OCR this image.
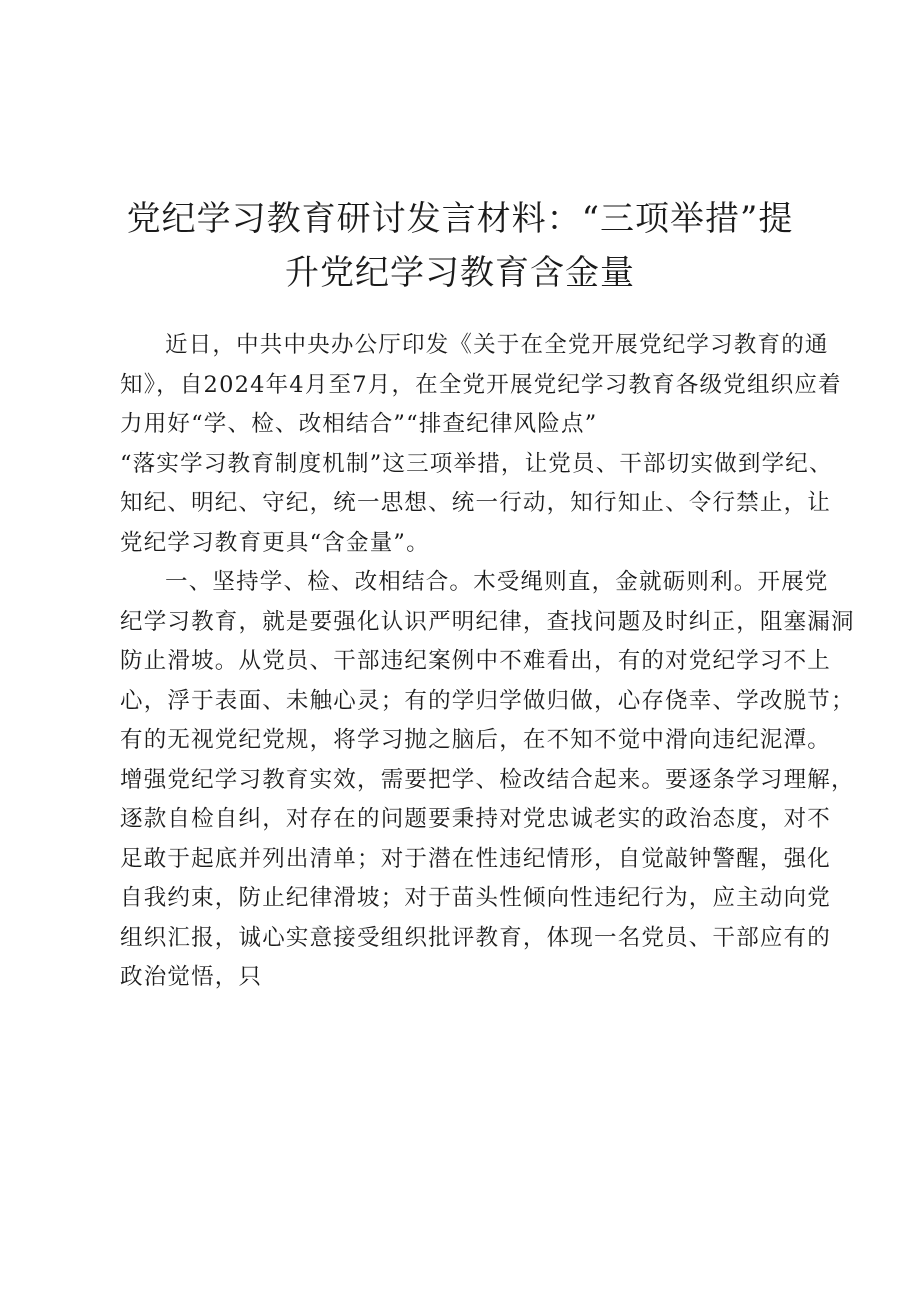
党纪学习教育研讨发言材料：“三项举措”提
升党纪学习教育含金量
近日，中共中央办公厅印发《关于在全党开展党纪学习教育的通
知》，自2024年4月至7月，在全党开展党纪学习教育各级党组织应着
力用好“学、检、改相结合”“排查纪律风险点”
“落实学习教育制度机制”这三项举措，让党员、干部切实做到学纪、
知纪、明纪、守纪，统一思想、统一行动，知行知止、令行禁止，让
党纪学习教育更具“含金量”。
一、坚持学、检、改相结合。木受绳则直，金就砺则利。开展党
纪学习教育，就是要强化认识严明纪律，查找问题及时纠正，阻塞漏洞
防止滑坡。从党员、干部违纪案例中不难看出，有的对党纪学习不上
心，浮于表面、未触心灵；有的学归学做归做，心存侥幸、学改脱节；
有的无视党纪党规，将学习抛之脑后，在不知不觉中滑向违纪泥潭。
增强党纪学习教育实效，需要把学、检改结合起来。要逐条学习理解，
逐款自检自纠，对存在的问题要秉持对党忠诚老实的政治态度，对不
足敢于起底并列出清单；对于潜在性违纪情形，自觉敲钟警醒，强化
自我约束，防止纪律滑坡；对于苗头性倾向性违纪行为，应主动向党
组织汇报，诚心实意接受组织批评教育，体现一名党员、干部应有的
政治觉悟，只
